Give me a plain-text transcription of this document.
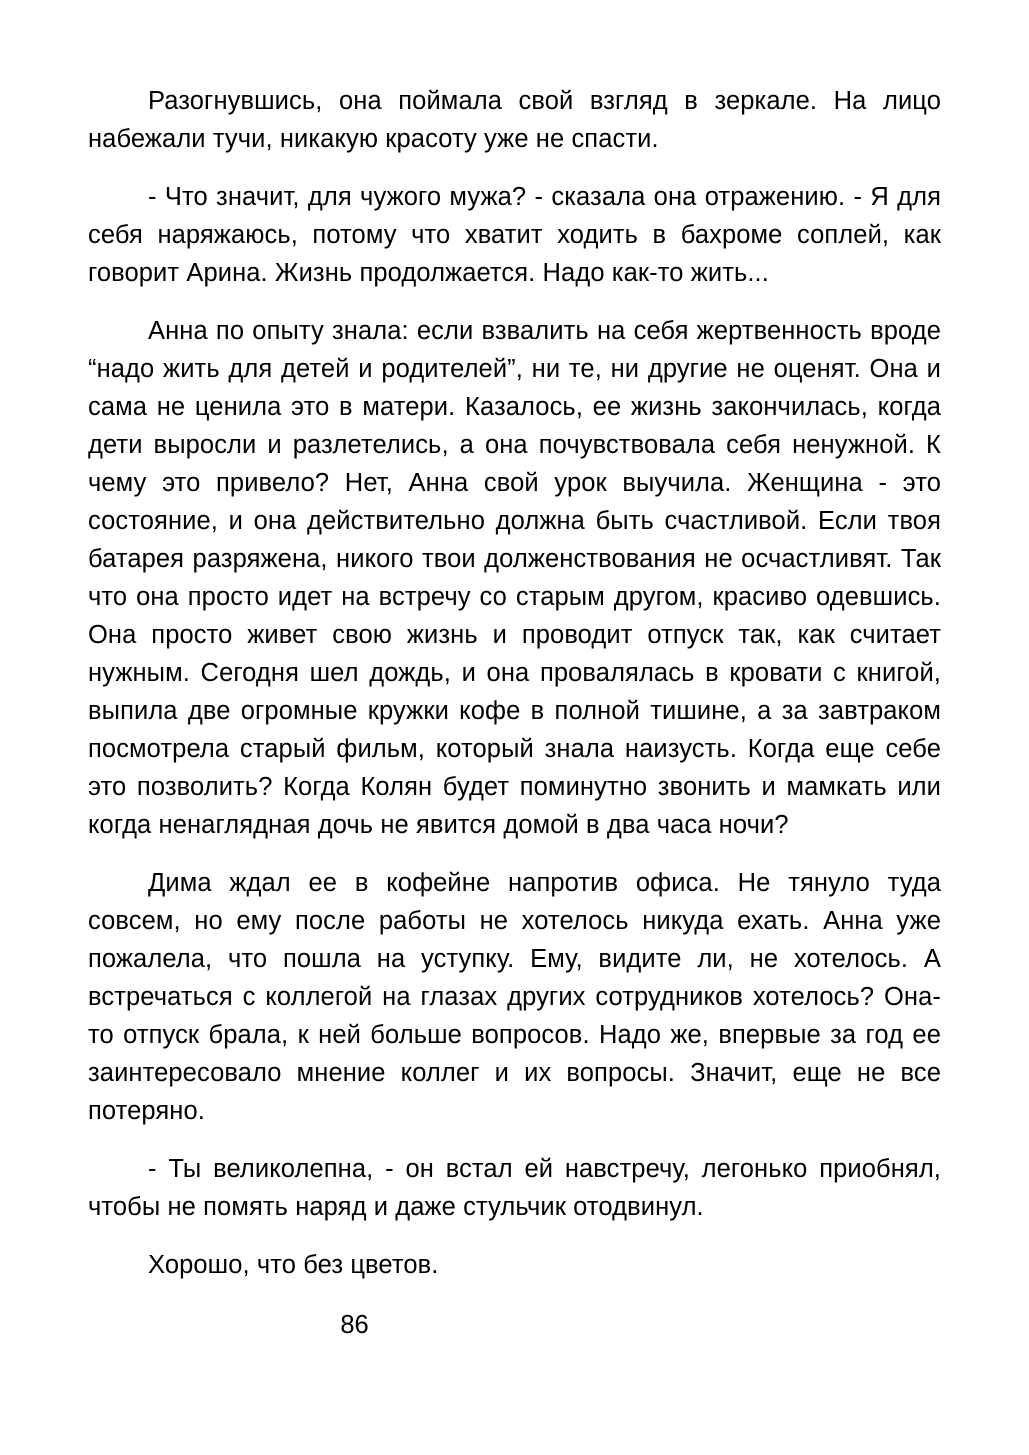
Разогнувшись, она поймала свой взгляд в зеркале. На лицо набежали тучи, никакую красоту уже не спасти.

- Что значит, для чужого мужа? - сказала она отражению. - Я для себя наряжаюсь, потому что хватит ходить в бахроме соплей, как говорит Арина. Жизнь продолжается. Надо как-то жить...

Анна по опыту знала: если взвалить на себя жертвенность вроде “надо жить для детей и родителей”, ни те, ни другие не оценят. Она и сама не ценила это в матери. Казалось, ее жизнь закончилась, когда дети выросли и разлетелись, а она почувствовала себя ненужной. К чему это привело? Нет, Анна свой урок выучила. Женщина - это состояние, и она действительно должна быть счастливой. Если твоя батарея разряжена, никого твои долженствования не осчастливят. Так что она просто идет на встречу со старым другом, красиво одевшись. Она просто живет свою жизнь и проводит отпуск так, как считает нужным. Сегодня шел дождь, и она провалялась в кровати с книгой, выпила две огромные кружки кофе в полной тишине, а за завтраком посмотрела старый фильм, который знала наизусть. Когда еще себе это позволить? Когда Колян будет поминутно звонить и мамкать или когда ненаглядная дочь не явится домой в два часа ночи?

Дима ждал ее в кофейне напротив офиса. Не тянуло туда совсем, но ему после работы не хотелось никуда ехать. Анна уже пожалела, что пошла на уступку. Ему, видите ли, не хотелось. А встречаться с коллегой на глазах других сотрудников хотелось? Она-то отпуск брала, к ней больше вопросов. Надо же, впервые за год ее заинтересовало мнение коллег и их вопросы. Значит, еще не все потеряно.

- Ты великолепна, - он встал ей навстречу, легонько приобнял, чтобы не помять наряд и даже стульчик отодвинул.

Хорошо, что без цветов.

86
